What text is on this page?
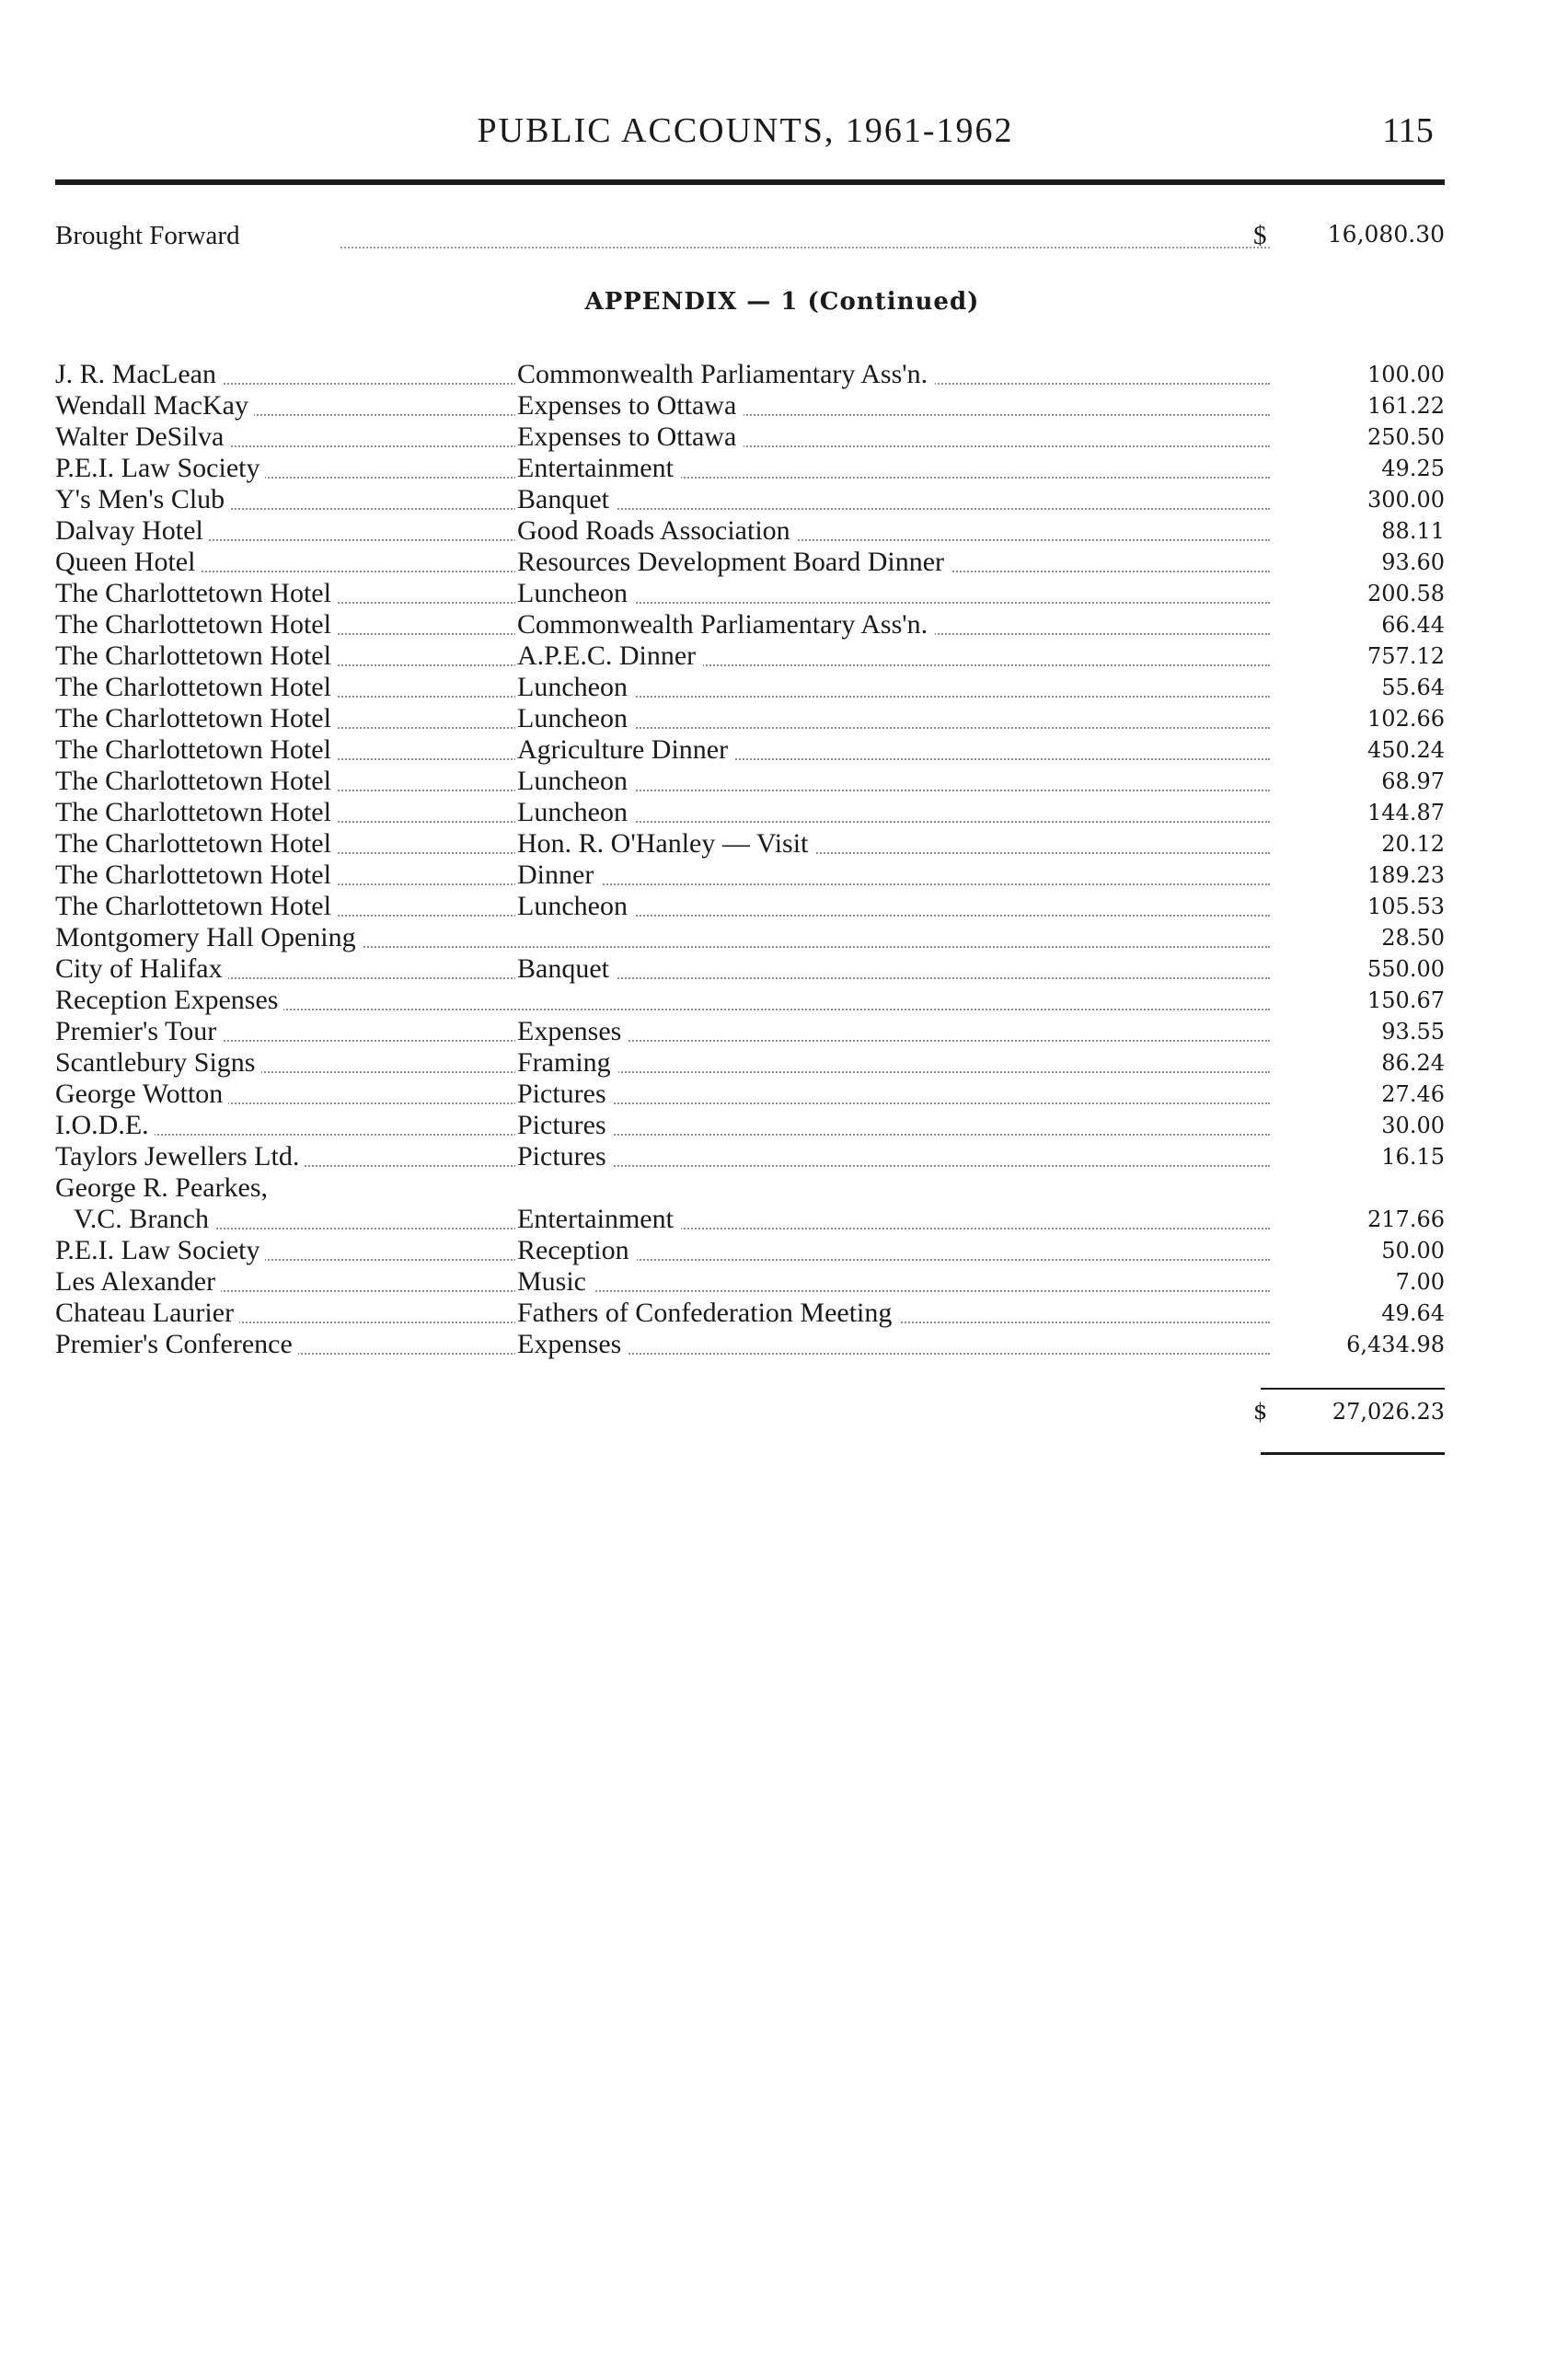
PUBLIC ACCOUNTS, 1961-1962	115
Brought Forward	$	16,080.30
APPENDIX — 1 (Continued)
J. R. MacLean	Commonwealth Parliamentary Ass'n.	100.00
Wendall MacKay	Expenses to Ottawa	161.22
Walter DeSilva	Expenses to Ottawa	250.50
P.E.I. Law Society	Entertainment	49.25
Y's Men's Club	Banquet	300.00
Dalvay Hotel	Good Roads Association	88.11
Queen Hotel	Resources Development Board Dinner	93.60
The Charlottetown Hotel	Luncheon	200.58
The Charlottetown Hotel	Commonwealth Parliamentary Ass'n.	66.44
The Charlottetown Hotel	A.P.E.C. Dinner	757.12
The Charlottetown Hotel	Luncheon	55.64
The Charlottetown Hotel	Luncheon	102.66
The Charlottetown Hotel	Agriculture Dinner	450.24
The Charlottetown Hotel	Luncheon	68.97
The Charlottetown Hotel	Luncheon	144.87
The Charlottetown Hotel	Hon. R. O'Hanley — Visit	20.12
The Charlottetown Hotel	Dinner	189.23
The Charlottetown Hotel	Luncheon	105.53
Montgomery Hall Opening	28.50
City of Halifax	Banquet	550.00
Reception Expenses	150.67
Premier's Tour	Expenses	93.55
Scantlebury Signs	Framing	86.24
George Wotton	Pictures	27.46
I.O.D.E.	Pictures	30.00
Taylors Jewellers Ltd.	Pictures	16.15
George R. Pearkes,
V.C. Branch	Entertainment	217.66
P.E.I. Law Society	Reception	50.00
Les Alexander	Music	7.00
Chateau Laurier	Fathers of Confederation Meeting	49.64
Premier's Conference	Expenses	6,434.98
$	27,026.23
